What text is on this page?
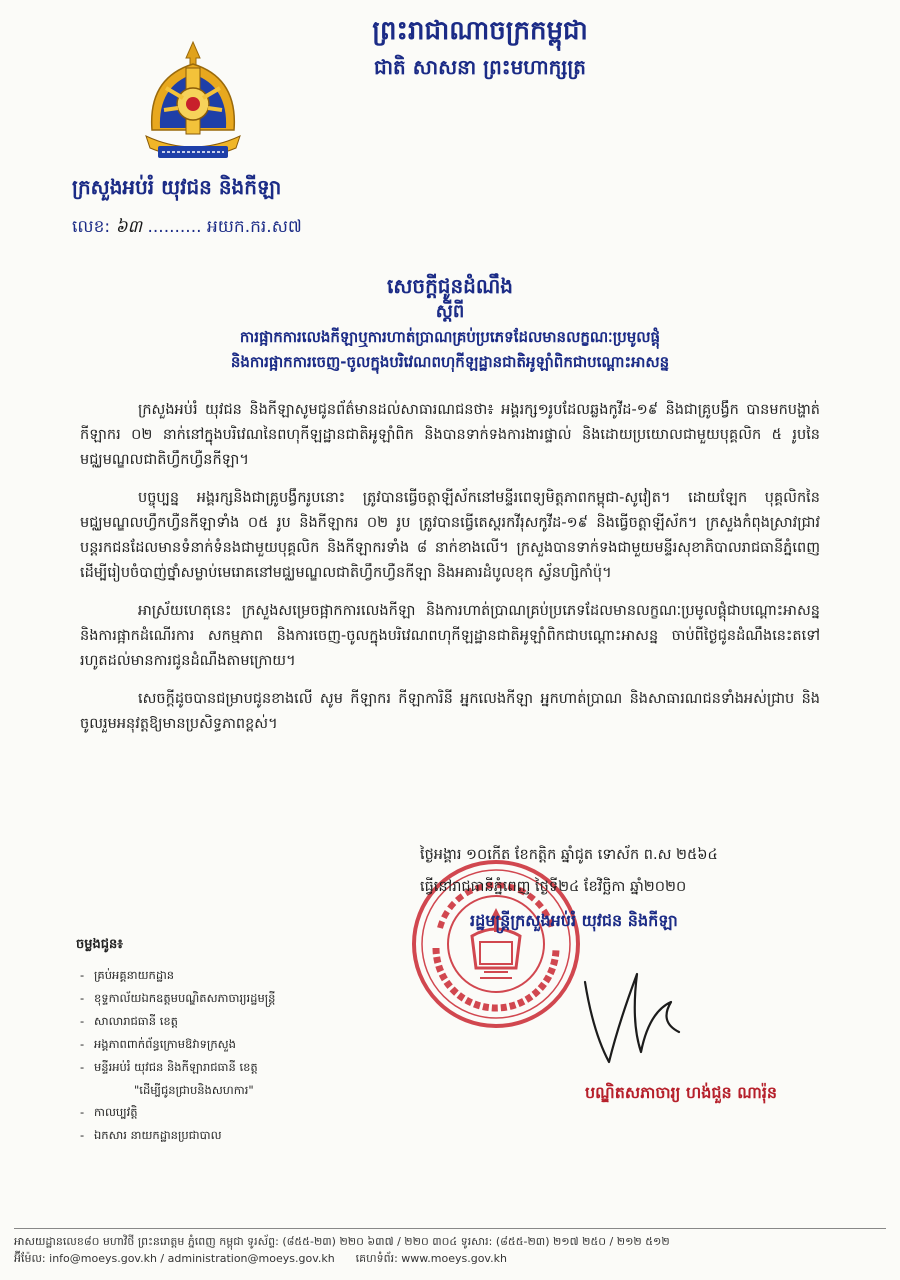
ព្រះរាជាណាចក្រកម្ពុជា
ជាតិ សាសនា ព្រះមហាក្សត្រ
ក្រសួងអប់រំ យុវជន និងកីឡា
លេខ: ៦៣ .......... អយក.ករ.ស៧
សេចក្ដីជូនដំណឹង
ស្ដីពី
ការផ្អាកការលេងកីឡាឬការហាត់ប្រាណគ្រប់ប្រភេទដែលមានលក្ខណៈប្រមូលផ្តុំ
និងការផ្អាកការចេញ-ចូលក្នុងបរិវេណពហុកីឡដ្ឋានជាតិអូឡាំពិកជាបណ្តោះអាសន្ន

ក្រសួងអប់រំ យុវជន និងកីឡាសូមជូនព័ត៌មានដល់សាធារណជនថា៖ អង្គរក្ស១រូបដែលឆ្លងកូវីដ-១៩ និងជាគ្រូបង្វឹក បានមកបង្ហាត់កីឡាករ ០២ នាក់នៅក្នុងបរិវេណនៃពហុកីឡដ្ឋានជាតិអូឡាំពិក និងបានទាក់ទងការងារផ្ទាល់ និងដោយប្រយោលជាមួយបុគ្គលិក ៥ រូបនៃមជ្ឈមណ្ឌលជាតិហ្វឹកហ្វឺនកីឡា។

បច្ចុប្បន្ន អង្គរក្សនិងជាគ្រូបង្វឹករូបនោះ ត្រូវបានធ្វើចត្តាឡីស័កនៅមន្ទីរពេទ្យមិត្តភាពកម្ពុជា-សូវៀត។ ដោយឡែក បុគ្គលិកនៃមជ្ឈមណ្ឌលហ្វឹកហ្វឺនកីឡាទាំង ០៥ រូប និងកីឡាករ ០២ រូប ត្រូវបានធ្វើតេស្តរកវីរុសកូវីដ-១៩ និងធ្វើចត្តាឡីស័ក។ ក្រសួងកំពុងស្រាវជ្រាវបន្តរកជនដែលមានទំនាក់ទំនងជាមួយបុគ្គលិក និងកីឡាករទាំង ៨ នាក់ខាងលើ។ ក្រសួងបានទាក់ទងជាមួយមន្ទីរសុខាភិបាលរាជធានីភ្នំពេញ ដើម្បីរៀបចំបាញ់ថ្នាំសម្លាប់មេរោគនៅមជ្ឈមណ្ឌលជាតិហ្វឹកហ្វឺនកីឡា និងអគារដំបូលខុក ស្វ័នហ្សិកាំប៉ុ។

អាស្រ័យហេតុនេះ ក្រសួងសម្រេចផ្អាកការលេងកីឡា និងការហាត់ប្រាណគ្រប់ប្រភេទដែលមានលក្ខណៈប្រមូលផ្តុំជាបណ្តោះអាសន្ន និងការផ្អាកដំណើរការ សកម្មភាព និងការចេញ-ចូលក្នុងបរិវេណពហុកីឡដ្ឋានជាតិអូឡាំពិកជាបណ្តោះអាសន្ន ចាប់ពីថ្ងៃជូនដំណឹងនេះតទៅរហូតដល់មានការជូនដំណឹងតាមក្រោយ។

សេចក្ដីដូចបានជម្រាបជូនខាងលើ សូម កីឡាករ កីឡាការិនី អ្នកលេងកីឡា អ្នកហាត់ប្រាណ និងសាធារណជនទាំងអស់ជ្រាប និងចូលរួមអនុវត្តឱ្យមានប្រសិទ្ធភាពខ្ពស់។

ថ្ងៃអង្គារ ១០កើត ខែកត្ដិក ឆ្នាំជូត ទោស័ក ព.ស ២៥៦៤
ធ្វើនៅរាជធានីភ្នំពេញ ថ្ងៃទី២៤ ខែវិច្ឆិកា ឆ្នាំ២០២០
រដ្ឋមន្ត្រីក្រសួងអប់រំ យុវជន និងកីឡា
បណ្ឌិតសភាចារ្យ ហង់ជួន ណារ៉ុន
ចម្លងជូន៖
- គ្រប់អគ្គនាយកដ្ឋាន
- ខុទ្ទកាល័យឯកឧត្តមបណ្ឌិតសភាចារ្យរដ្ឋមន្ត្រី
- សាលារាជធានី ខេត្ត
- អង្គភាពពាក់ព័ន្ធក្រោមឱវាទក្រសួង
- មន្ទីរអប់រំ យុវជន និងកីឡារាជធានី ខេត្ត
"ដើម្បីជូនជ្រាបនិងសហការ"
- កាលប្បវត្តិ
- ឯកសារ នាយកដ្ឋានប្រជាបាល
អាសយដ្ឋានលេខ៨០ មហាវិថី ព្រះនរោត្តម ភ្នំពេញ កម្ពុជា ទូរស័ព្ទ: (៨៥៥-២៣) ២២០ ៦៣៧ / ២២០ ៣០៤ ទូរសារ: (៨៥៥-២៣) ២១៧ ២៥០ / ២១២ ៥១២
អ៊ីម៉ែល: info@moeys.gov.kh / administration@moeys.gov.kh គេហទំព័រ: www.moeys.gov.kh
